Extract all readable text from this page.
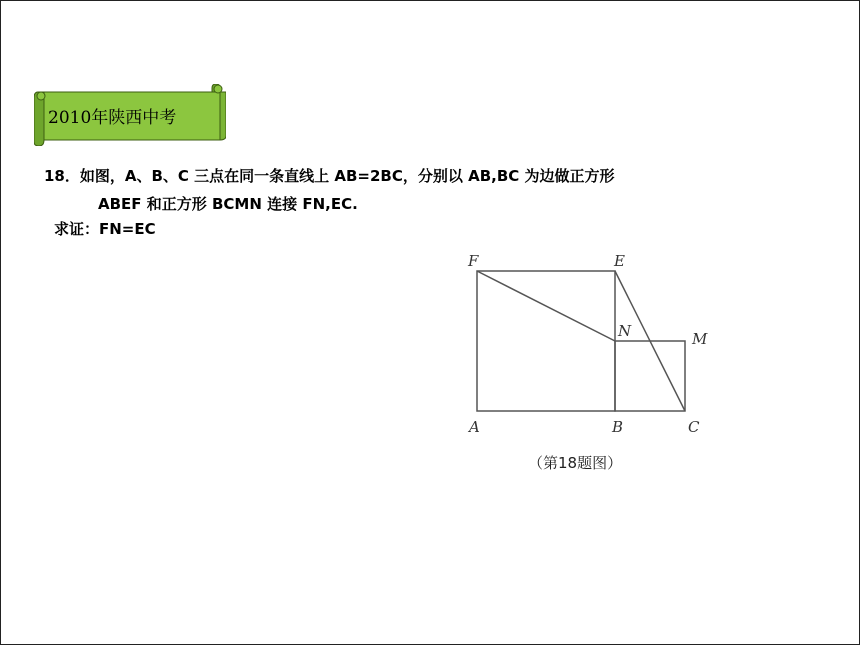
2010年陕西中考
18．如图，A、B、C 三点在同一条直线上 AB=2BC，分别以 AB,BC 为边做正方形
ABEF 和正方形 BCMN 连接 FN,EC.
求证：FN=EC
F	E
N	M
A	B	C
（第18题图）
